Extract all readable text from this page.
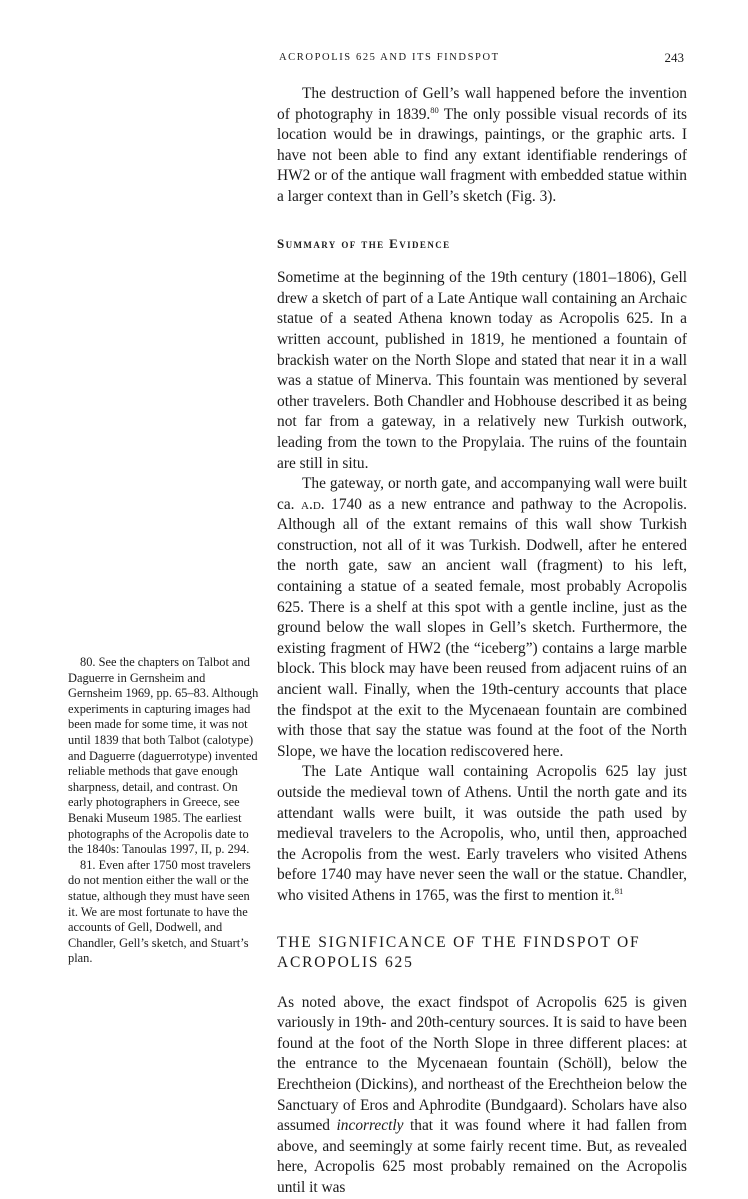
ACROPOLIS 625 AND ITS FINDSPOT	243

The destruction of Gell’s wall happened before the invention of photography in 1839.80 The only possible visual records of its location would be in drawings, paintings, or the graphic arts. I have not been able to find any extant identifiable renderings of HW2 or of the antique wall fragment with embedded statue within a larger context than in Gell’s sketch (Fig. 3).

Summary of the Evidence

Sometime at the beginning of the 19th century (1801–1806), Gell drew a sketch of part of a Late Antique wall containing an Archaic statue of a seated Athena known today as Acropolis 625. In a written account, published in 1819, he mentioned a fountain of brackish water on the North Slope and stated that near it in a wall was a statue of Minerva. This fountain was mentioned by several other travelers. Both Chandler and Hobhouse described it as being not far from a gateway, in a relatively new Turkish outwork, leading from the town to the Propylaia. The ruins of the fountain are still in situ.

The gateway, or north gate, and accompanying wall were built ca. a.d. 1740 as a new entrance and pathway to the Acropolis. Although all of the extant remains of this wall show Turkish construction, not all of it was Turkish. Dodwell, after he entered the north gate, saw an ancient wall (fragment) to his left, containing a statue of a seated female, most probably Acropolis 625. There is a shelf at this spot with a gentle incline, just as the ground below the wall slopes in Gell’s sketch. Furthermore, the existing fragment of HW2 (the “iceberg”) contains a large marble block. This block may have been reused from adjacent ruins of an ancient wall. Finally, when the 19th-century accounts that place the findspot at the exit to the Mycenaean fountain are combined with those that say the statue was found at the foot of the North Slope, we have the location rediscovered here.

The Late Antique wall containing Acropolis 625 lay just outside the medieval town of Athens. Until the north gate and its attendant walls were built, it was outside the path used by medieval travelers to the Acropolis, who, until then, approached the Acropolis from the west. Early travelers who visited Athens before 1740 may have never seen the wall or the statue. Chandler, who visited Athens in 1765, was the first to mention it.$^{81}$

THE SIGNIFICANCE OF THE FINDSPOT OF ACROPOLIS 625

As noted above, the exact findspot of Acropolis 625 is given variously in 19th- and 20th-century sources. It is said to have been found at the foot of the North Slope in three different places: at the entrance to the Mycenaean fountain (Schöll), below the Erechtheion (Dickins), and northeast of the Erechtheion below the Sanctuary of Eros and Aphrodite (Bundgaard). Scholars have also assumed incorrectly that it was found where it had fallen from above, and seemingly at some fairly recent time. But, as revealed here, Acropolis 625 most probably remained on the Acropolis until it was

80. See the chapters on Talbot and Daguerre in Gernsheim and Gernsheim 1969, pp. 65–83. Although experiments in capturing images had been made for some time, it was not until 1839 that both Talbot (calotype) and Daguerre (daguerrotype) invented reliable methods that gave enough sharpness, detail, and contrast. On early photographers in Greece, see Benaki Museum 1985. The earliest photographs of the Acropolis date to the 1840s: Tanoulas 1997, II, p. 294.

81. Even after 1750 most travelers do not mention either the wall or the statue, although they must have seen it. We are most fortunate to have the accounts of Gell, Dodwell, and Chandler, Gell’s sketch, and Stuart’s plan.
